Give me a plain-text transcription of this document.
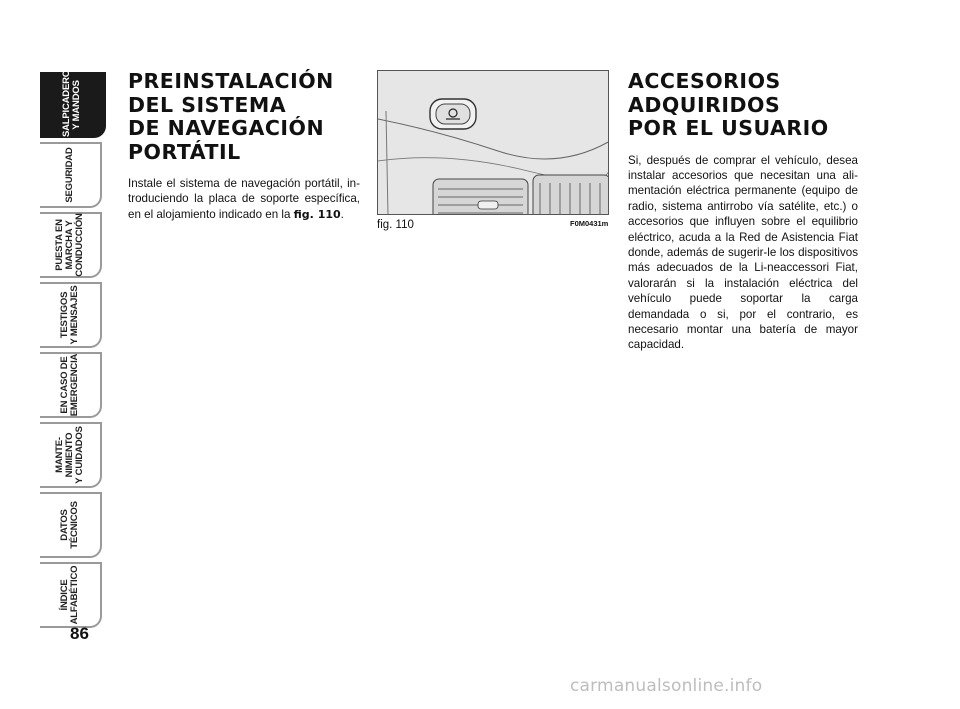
SALPICADERO
Y MANDOS
SEGURIDAD
PUESTA EN
MARCHA Y
CONDUCCIÓN
TESTIGOS
Y MENSAJES
EN CASO DE
EMERGENCIA
MANTE-
NIMIENTO
Y CUIDADOS
DATOS
TÉCNICOS
ÍNDICE
ALFABÉTICO
86
PREINSTALACIÓN
DEL SISTEMA
DE NAVEGACIÓN
PORTÁTIL

Instale el sistema de navegación portátil, in-troduciendo la placa de soporte específica, en el alojamiento indicado en la fig. 110.

fig. 110	F0M0431m
ACCESORIOS
ADQUIRIDOS
POR EL USUARIO

Si, después de comprar el vehículo, desea instalar accesorios que necesitan una ali-mentación eléctrica permanente (equipo de radio, sistema antirrobo vía satélite, etc.) o accesorios que influyen sobre el equilibrio eléctrico, acuda a la Red de Asistencia Fiat donde, además de sugerir-le los dispositivos más adecuados de la Li-neaccessori Fiat, valorarán si la instalación eléctrica del vehículo puede soportar la carga demandada o si, por el contrario, es necesario montar una batería de mayor capacidad.

carmanualsonline.info
